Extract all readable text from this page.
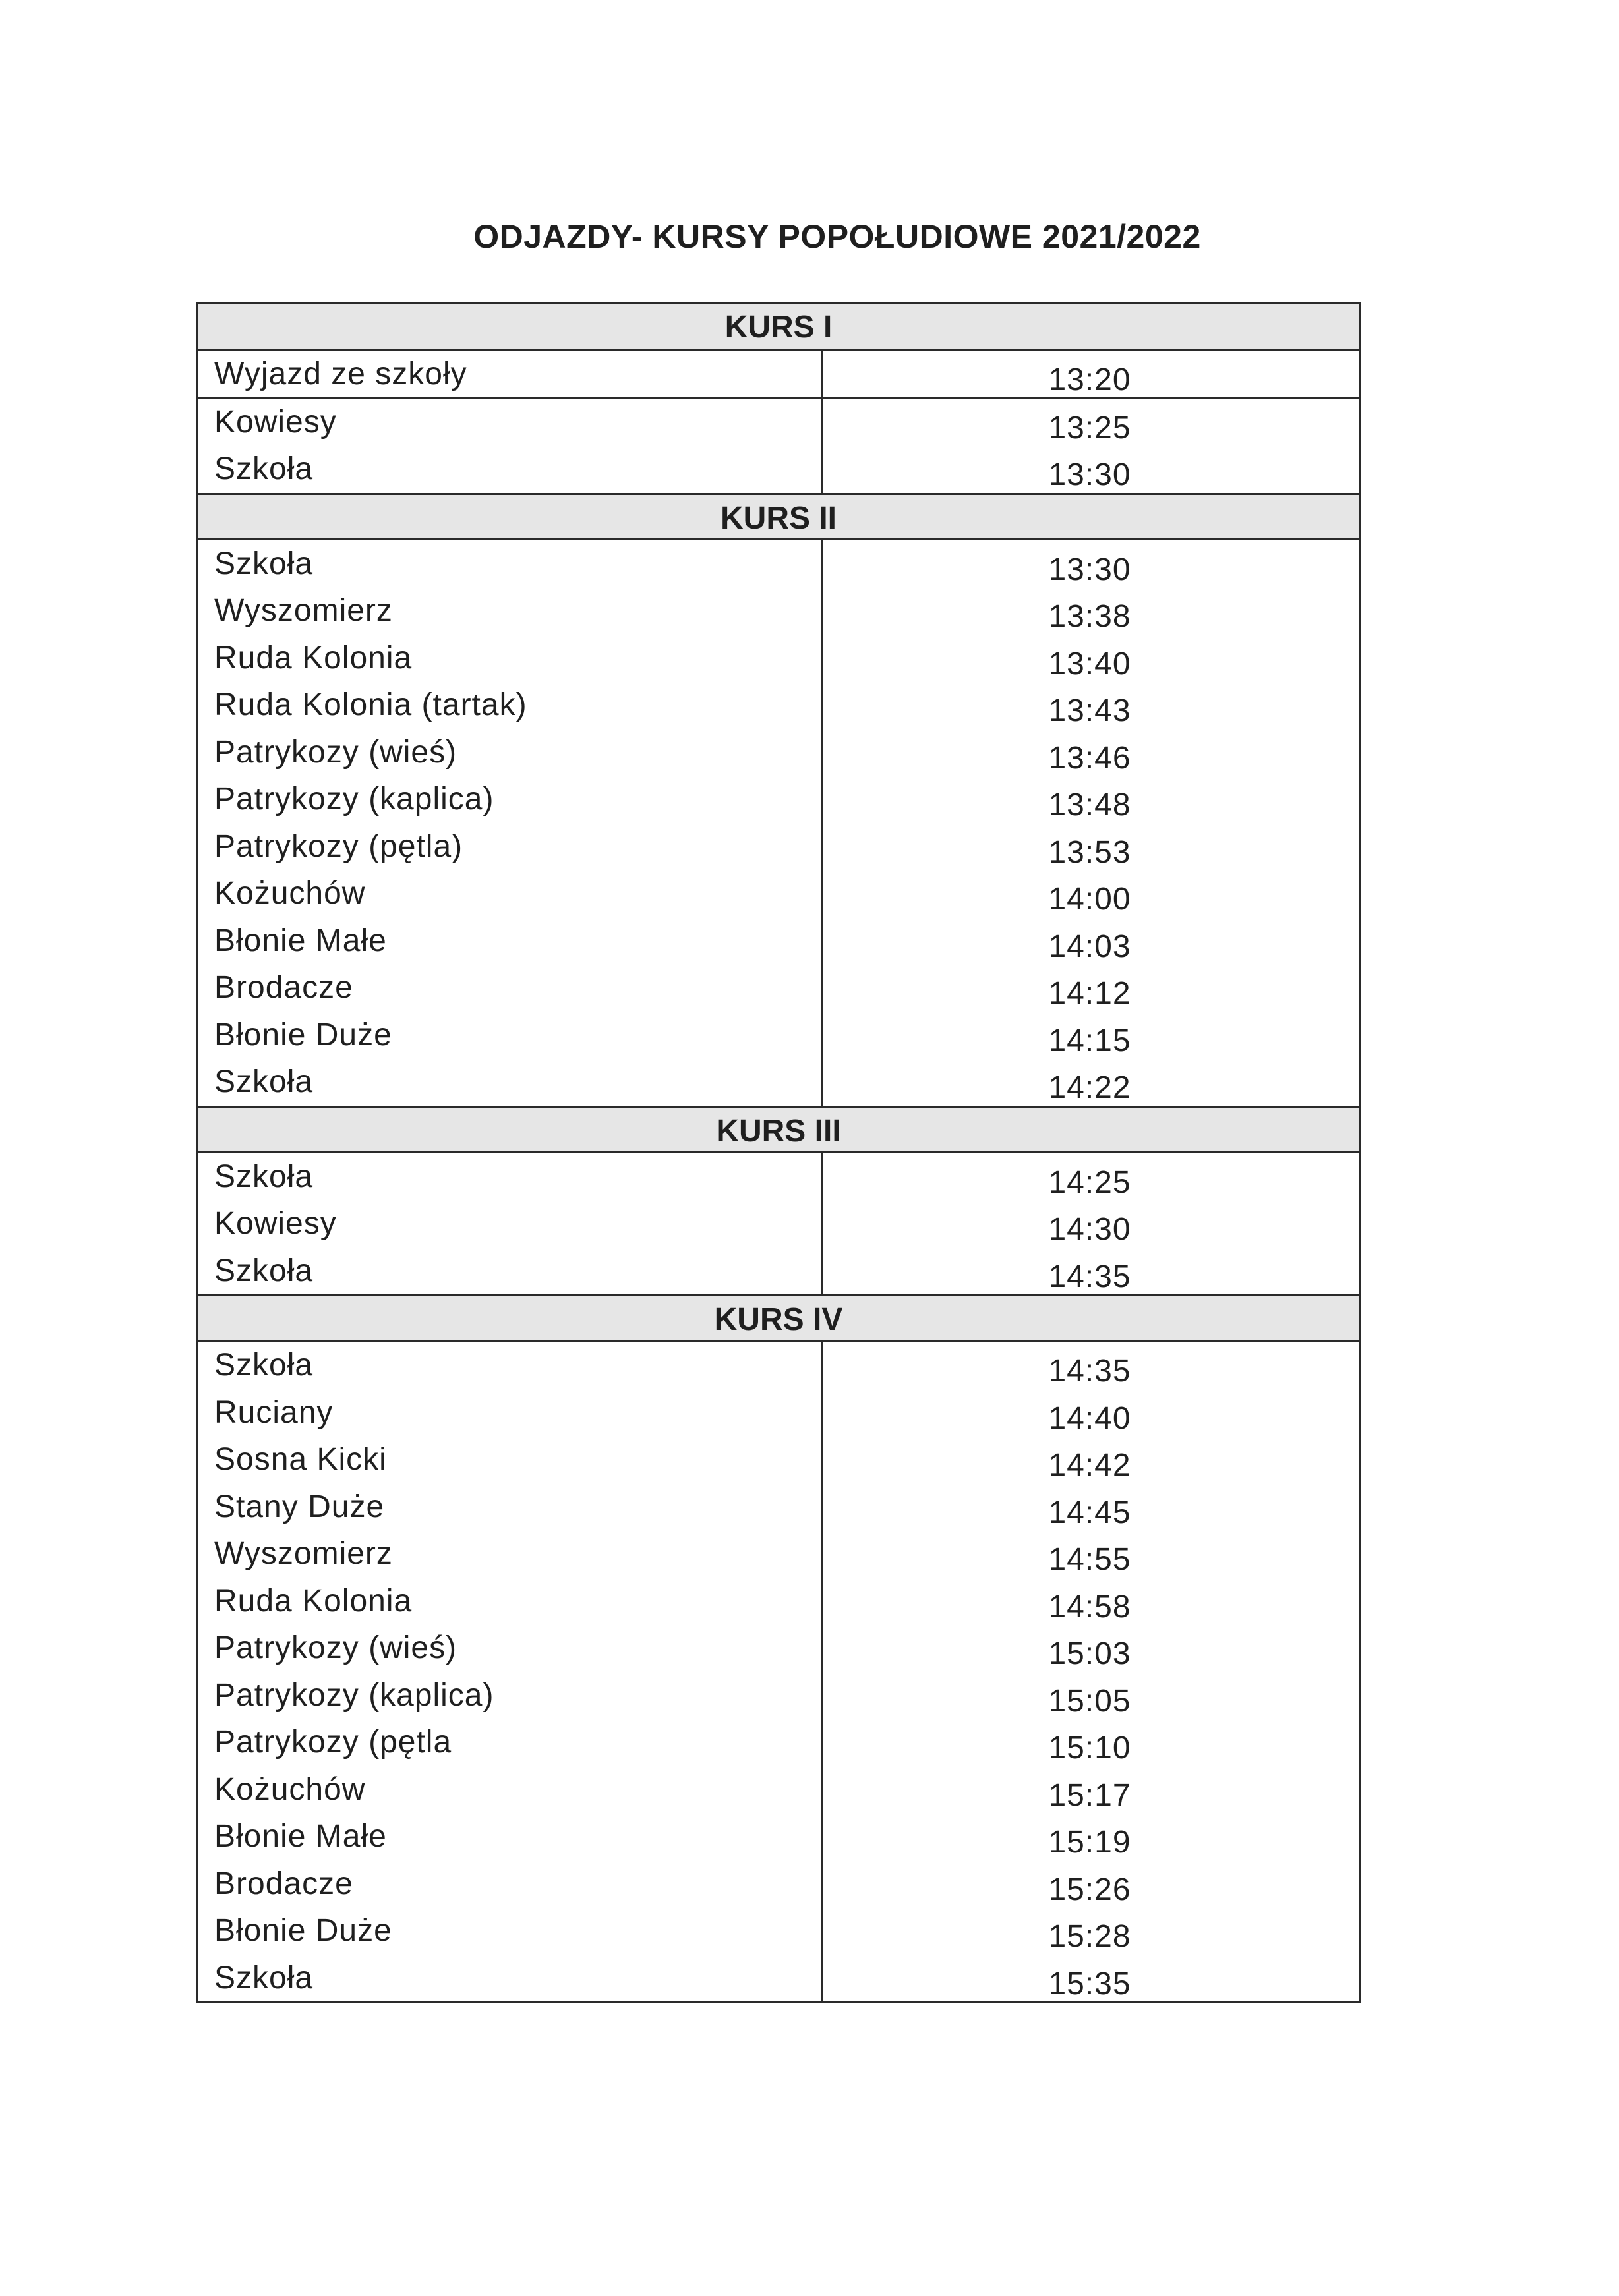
ODJAZDY- KURSY POPOŁUDIOWE 2021/2022
KURS I
Wyjazd ze szkoły	13:20
Kowiesy	13:25
Szkoła	13:30
KURS II
Szkoła	13:30
Wyszomierz	13:38
Ruda Kolonia	13:40
Ruda Kolonia (tartak)	13:43
Patrykozy (wieś)	13:46
Patrykozy (kaplica)	13:48
Patrykozy (pętla)	13:53
Kożuchów	14:00
Błonie Małe	14:03
Brodacze	14:12
Błonie Duże	14:15
Szkoła	14:22
KURS III
Szkoła	14:25
Kowiesy	14:30
Szkoła	14:35
KURS IV
Szkoła	14:35
Ruciany	14:40
Sosna Kicki	14:42
Stany Duże	14:45
Wyszomierz	14:55
Ruda Kolonia	14:58
Patrykozy (wieś)	15:03
Patrykozy (kaplica)	15:05
Patrykozy (pętla	15:10
Kożuchów	15:17
Błonie Małe	15:19
Brodacze	15:26
Błonie Duże	15:28
Szkoła	15:35
